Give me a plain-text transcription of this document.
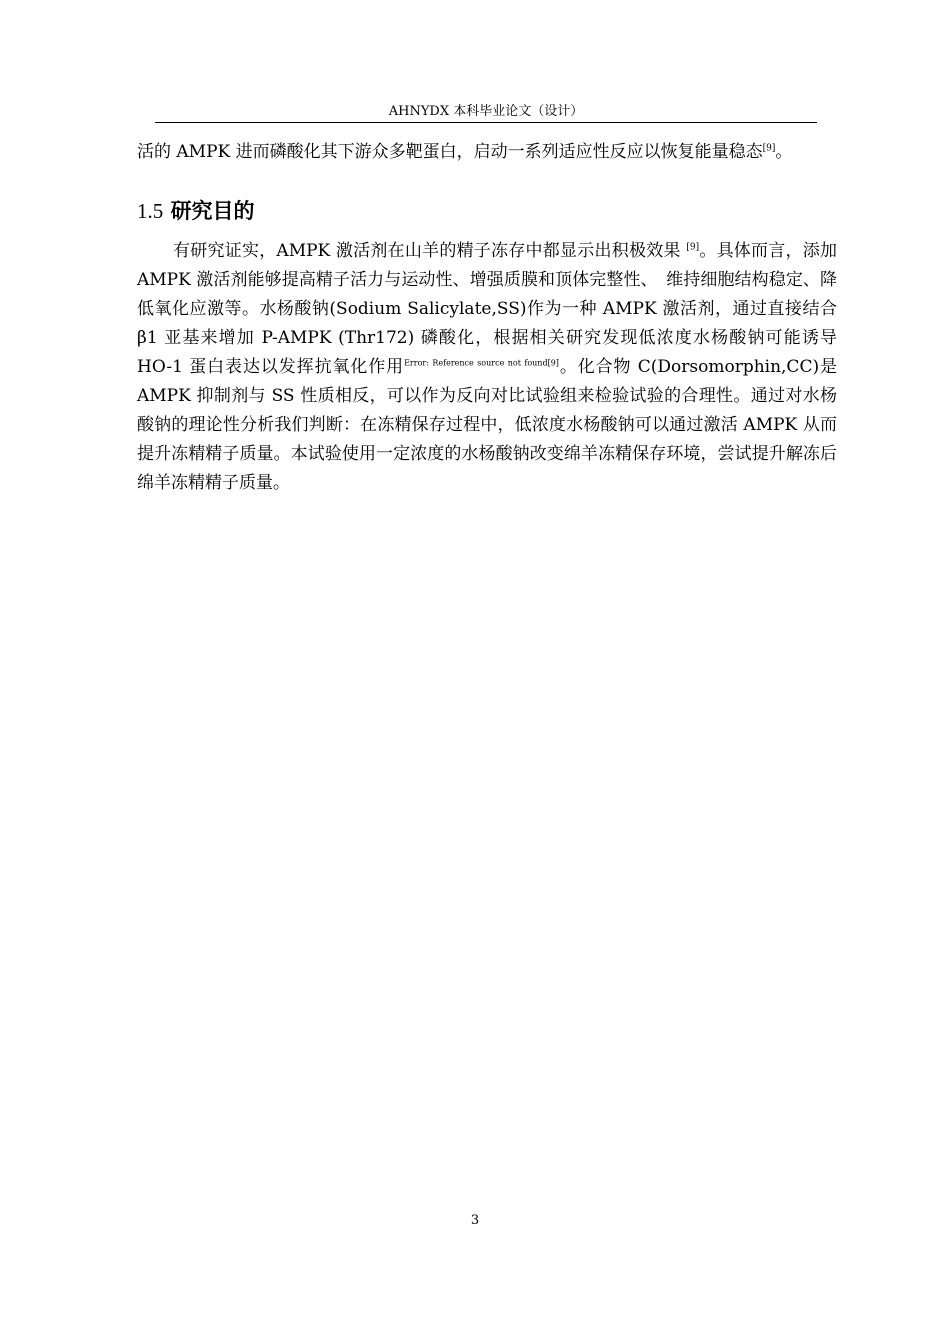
AHNYDX 本科毕业论文（设计）

活的 AMPK 进而磷酸化其下游众多靶蛋白，启动一系列适应性反应以恢复能量稳态[9]。

1.5 研究目的

有研究证实，AMPK 激活剂在山羊的精子冻存中都显示出积极效果 [9]。具体而言，添加 AMPK 激活剂能够提高精子活力与运动性、增强质膜和顶体完整性、　维持细胞结构稳定、降低氧化应激等。水杨酸钠(Sodium Salicylate,SS)作为一种 AMPK 激活剂，通过直接结合 β1 亚基来增加 P-AMPK (Thr172) 磷酸化，根据相关研究发现低浓度水杨酸钠可能诱导 HO-1 蛋白表达以发挥抗氧化作用$^{Error: Reference source not found[9]}$。化合物 C(Dorsomorphin,CC)是 AMPK 抑制剂与 SS 性质相反，可以作为反向对比试验组来检验试验的合理性。通过对水杨酸钠的理论性分析我们判断：在冻精保存过程中，低浓度水杨酸钠可以通过激活 AMPK 从而提升冻精精子质量。本试验使用一定浓度的水杨酸钠改变绵羊冻精保存环境，尝试提升解冻后绵羊冻精精子质量。

3
